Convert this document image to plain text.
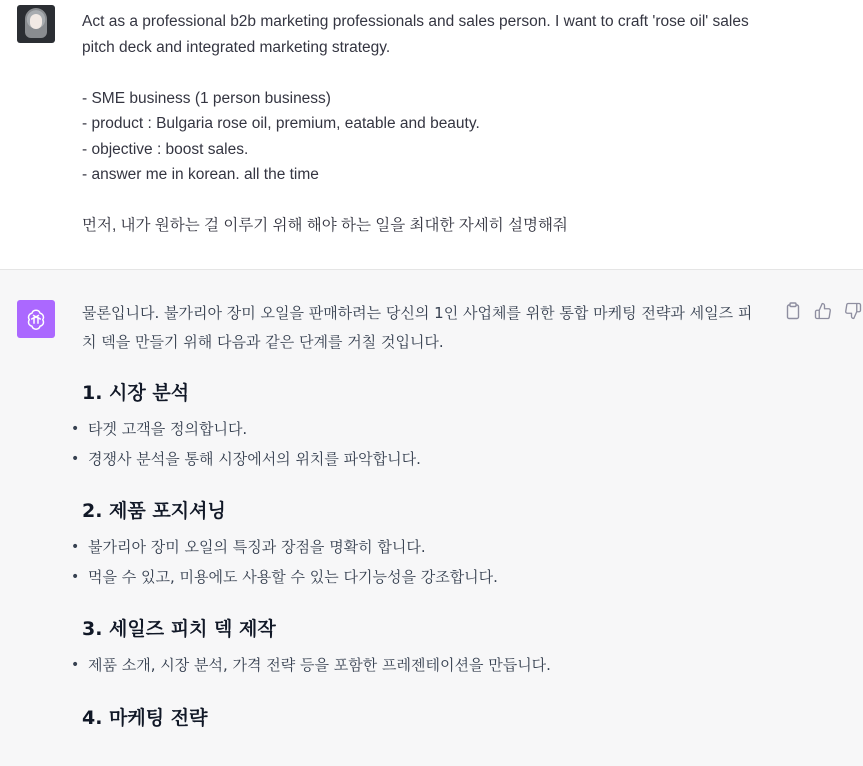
Act as a professional b2b marketing professionals and sales person. I want to craft 'rose oil' sales pitch deck and integrated marketing strategy.

- SME business (1 person business)

- product : Bulgaria rose oil, premium, eatable and beauty.

- objective : boost sales.

- answer me in korean. all the time

먼저, 내가 원하는 걸 이루기 위해 해야 하는 일을 최대한 자세히 설명해줘

물론입니다. 불가리아 장미 오일을 판매하려는 당신의 1인 사업체를 위한 통합 마케팅 전략과 세일즈 피치 덱을 만들기 위해 다음과 같은 단계를 거칠 것입니다.

1. 시장 분석
• 타겟 고객을 정의합니다.
• 경쟁사 분석을 통해 시장에서의 위치를 파악합니다.
2. 제품 포지셔닝
• 불가리아 장미 오일의 특징과 장점을 명확히 합니다.
• 먹을 수 있고, 미용에도 사용할 수 있는 다기능성을 강조합니다.
3. 세일즈 피치 덱 제작
• 제품 소개, 시장 분석, 가격 전략 등을 포함한 프레젠테이션을 만듭니다.
4. 마케팅 전략
